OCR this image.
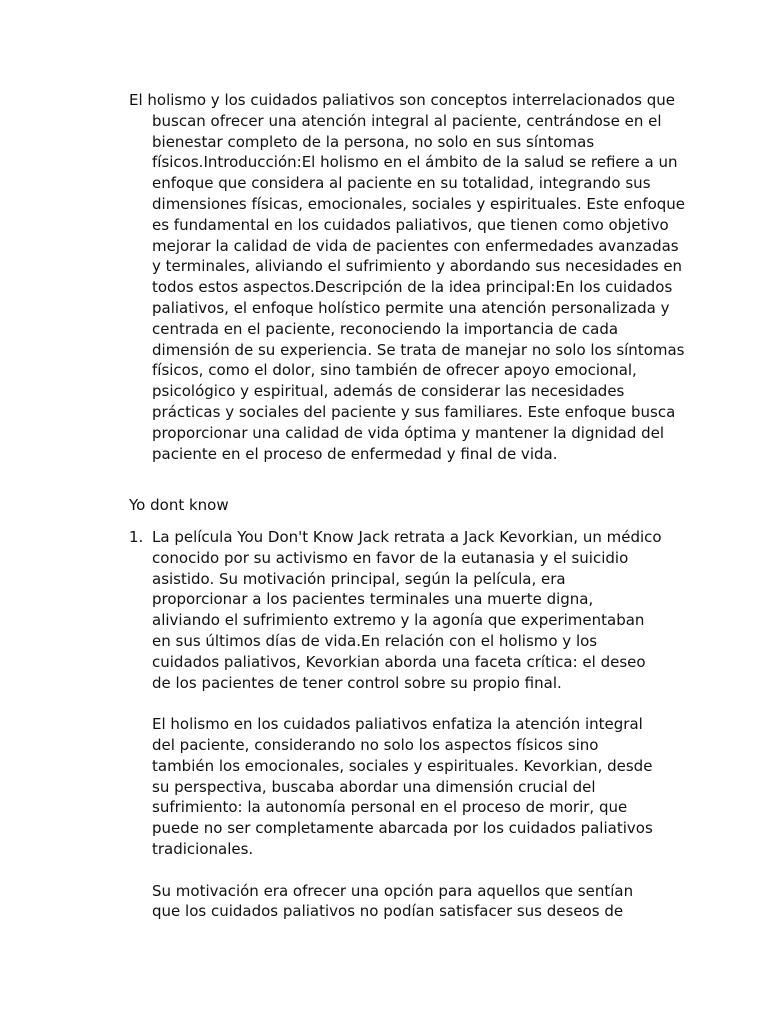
El holismo y los cuidados paliativos son conceptos interrelacionados que buscan ofrecer una atención integral al paciente, centrándose en el bienestar completo de la persona, no solo en sus síntomas físicos.Introducción:El holismo en el ámbito de la salud se refiere a un enfoque que considera al paciente en su totalidad, integrando sus dimensiones físicas, emocionales, sociales y espirituales. Este enfoque es fundamental en los cuidados paliativos, que tienen como objetivo mejorar la calidad de vida de pacientes con enfermedades avanzadas y terminales, aliviando el sufrimiento y abordando sus necesidades en todos estos aspectos.Descripción de la idea principal:En los cuidados paliativos, el enfoque holístico permite una atención personalizada y centrada en el paciente, reconociendo la importancia de cada dimensión de su experiencia. Se trata de manejar no solo los síntomas físicos, como el dolor, sino también de ofrecer apoyo emocional, psicológico y espiritual, además de considerar las necesidades prácticas y sociales del paciente y sus familiares. Este enfoque busca proporcionar una calidad de vida óptima y mantener la dignidad del paciente en el proceso de enfermedad y final de vida.

Yo dont know

1. La película You Don't Know Jack retrata a Jack Kevorkian, un médico conocido por su activismo en favor de la eutanasia y el suicidio asistido. Su motivación principal, según la película, era proporcionar a los pacientes terminales una muerte digna, aliviando el sufrimiento extremo y la agonía que experimentaban en sus últimos días de vida.En relación con el holismo y los cuidados paliativos, Kevorkian aborda una faceta crítica: el deseo de los pacientes de tener control sobre su propio final.

El holismo en los cuidados paliativos enfatiza la atención integral del paciente, considerando no solo los aspectos físicos sino también los emocionales, sociales y espirituales. Kevorkian, desde su perspectiva, buscaba abordar una dimensión crucial del sufrimiento: la autonomía personal en el proceso de morir, que puede no ser completamente abarcada por los cuidados paliativos tradicionales.

Su motivación era ofrecer una opción para aquellos que sentían que los cuidados paliativos no podían satisfacer sus deseos de
